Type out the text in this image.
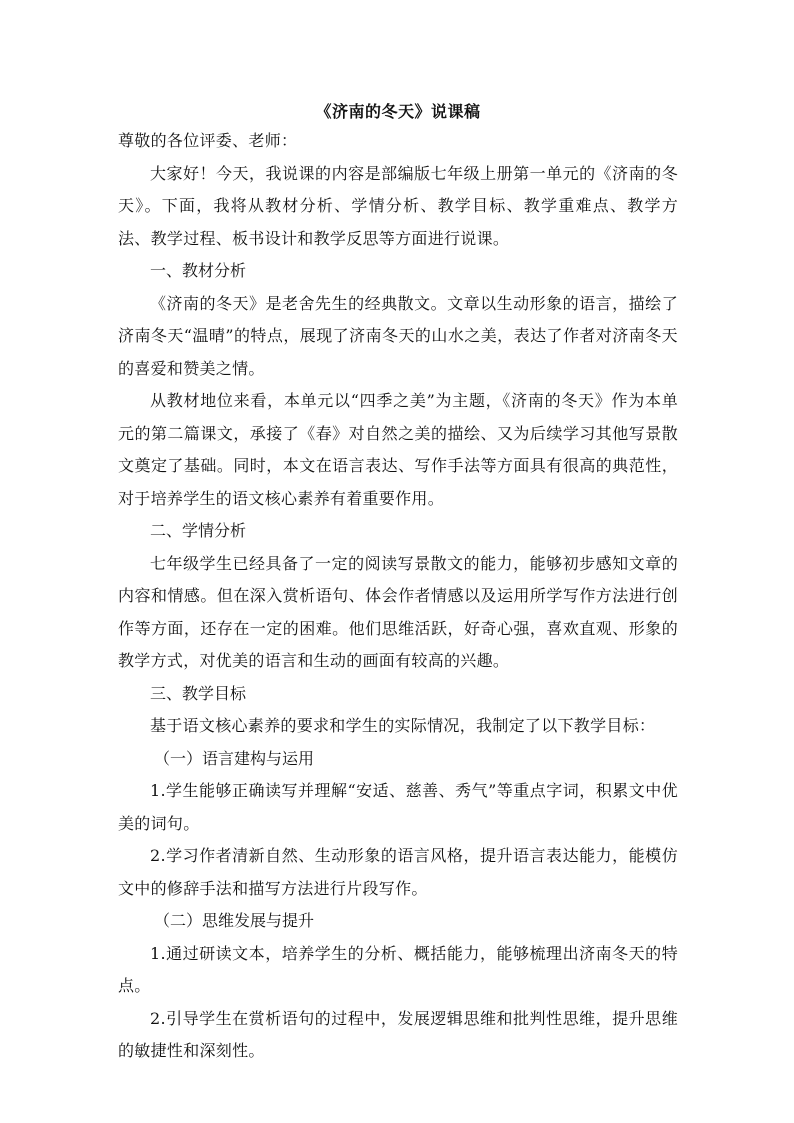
《济南的冬天》说课稿

尊敬的各位评委、老师：

大家好！今天，我说课的内容是部编版七年级上册第一单元的《济南的冬天》。下面，我将从教材分析、学情分析、教学目标、教学重难点、教学方法、教学过程、板书设计和教学反思等方面进行说课。

一、教材分析

《济南的冬天》是老舍先生的经典散文。文章以生动形象的语言，描绘了济南冬天“温晴”的特点，展现了济南冬天的山水之美，表达了作者对济南冬天的喜爱和赞美之情。

从教材地位来看，本单元以“四季之美”为主题，《济南的冬天》作为本单元的第二篇课文，承接了《春》对自然之美的描绘、又为后续学习其他写景散文奠定了基础。同时，本文在语言表达、写作手法等方面具有很高的典范性，对于培养学生的语文核心素养有着重要作用。

二、学情分析

七年级学生已经具备了一定的阅读写景散文的能力，能够初步感知文章的内容和情感。但在深入赏析语句、体会作者情感以及运用所学写作方法进行创作等方面，还存在一定的困难。他们思维活跃，好奇心强，喜欢直观、形象的教学方式，对优美的语言和生动的画面有较高的兴趣。

三、教学目标

基于语文核心素养的要求和学生的实际情况，我制定了以下教学目标：

（一）语言建构与运用

1.学生能够正确读写并理解“安适、慈善、秀气”等重点字词，积累文中优美的词句。

2.学习作者清新自然、生动形象的语言风格，提升语言表达能力，能模仿文中的修辞手法和描写方法进行片段写作。

（二）思维发展与提升

1.通过研读文本，培养学生的分析、概括能力，能够梳理出济南冬天的特点。

2.引导学生在赏析语句的过程中，发展逻辑思维和批判性思维，提升思维的敏捷性和深刻性。
